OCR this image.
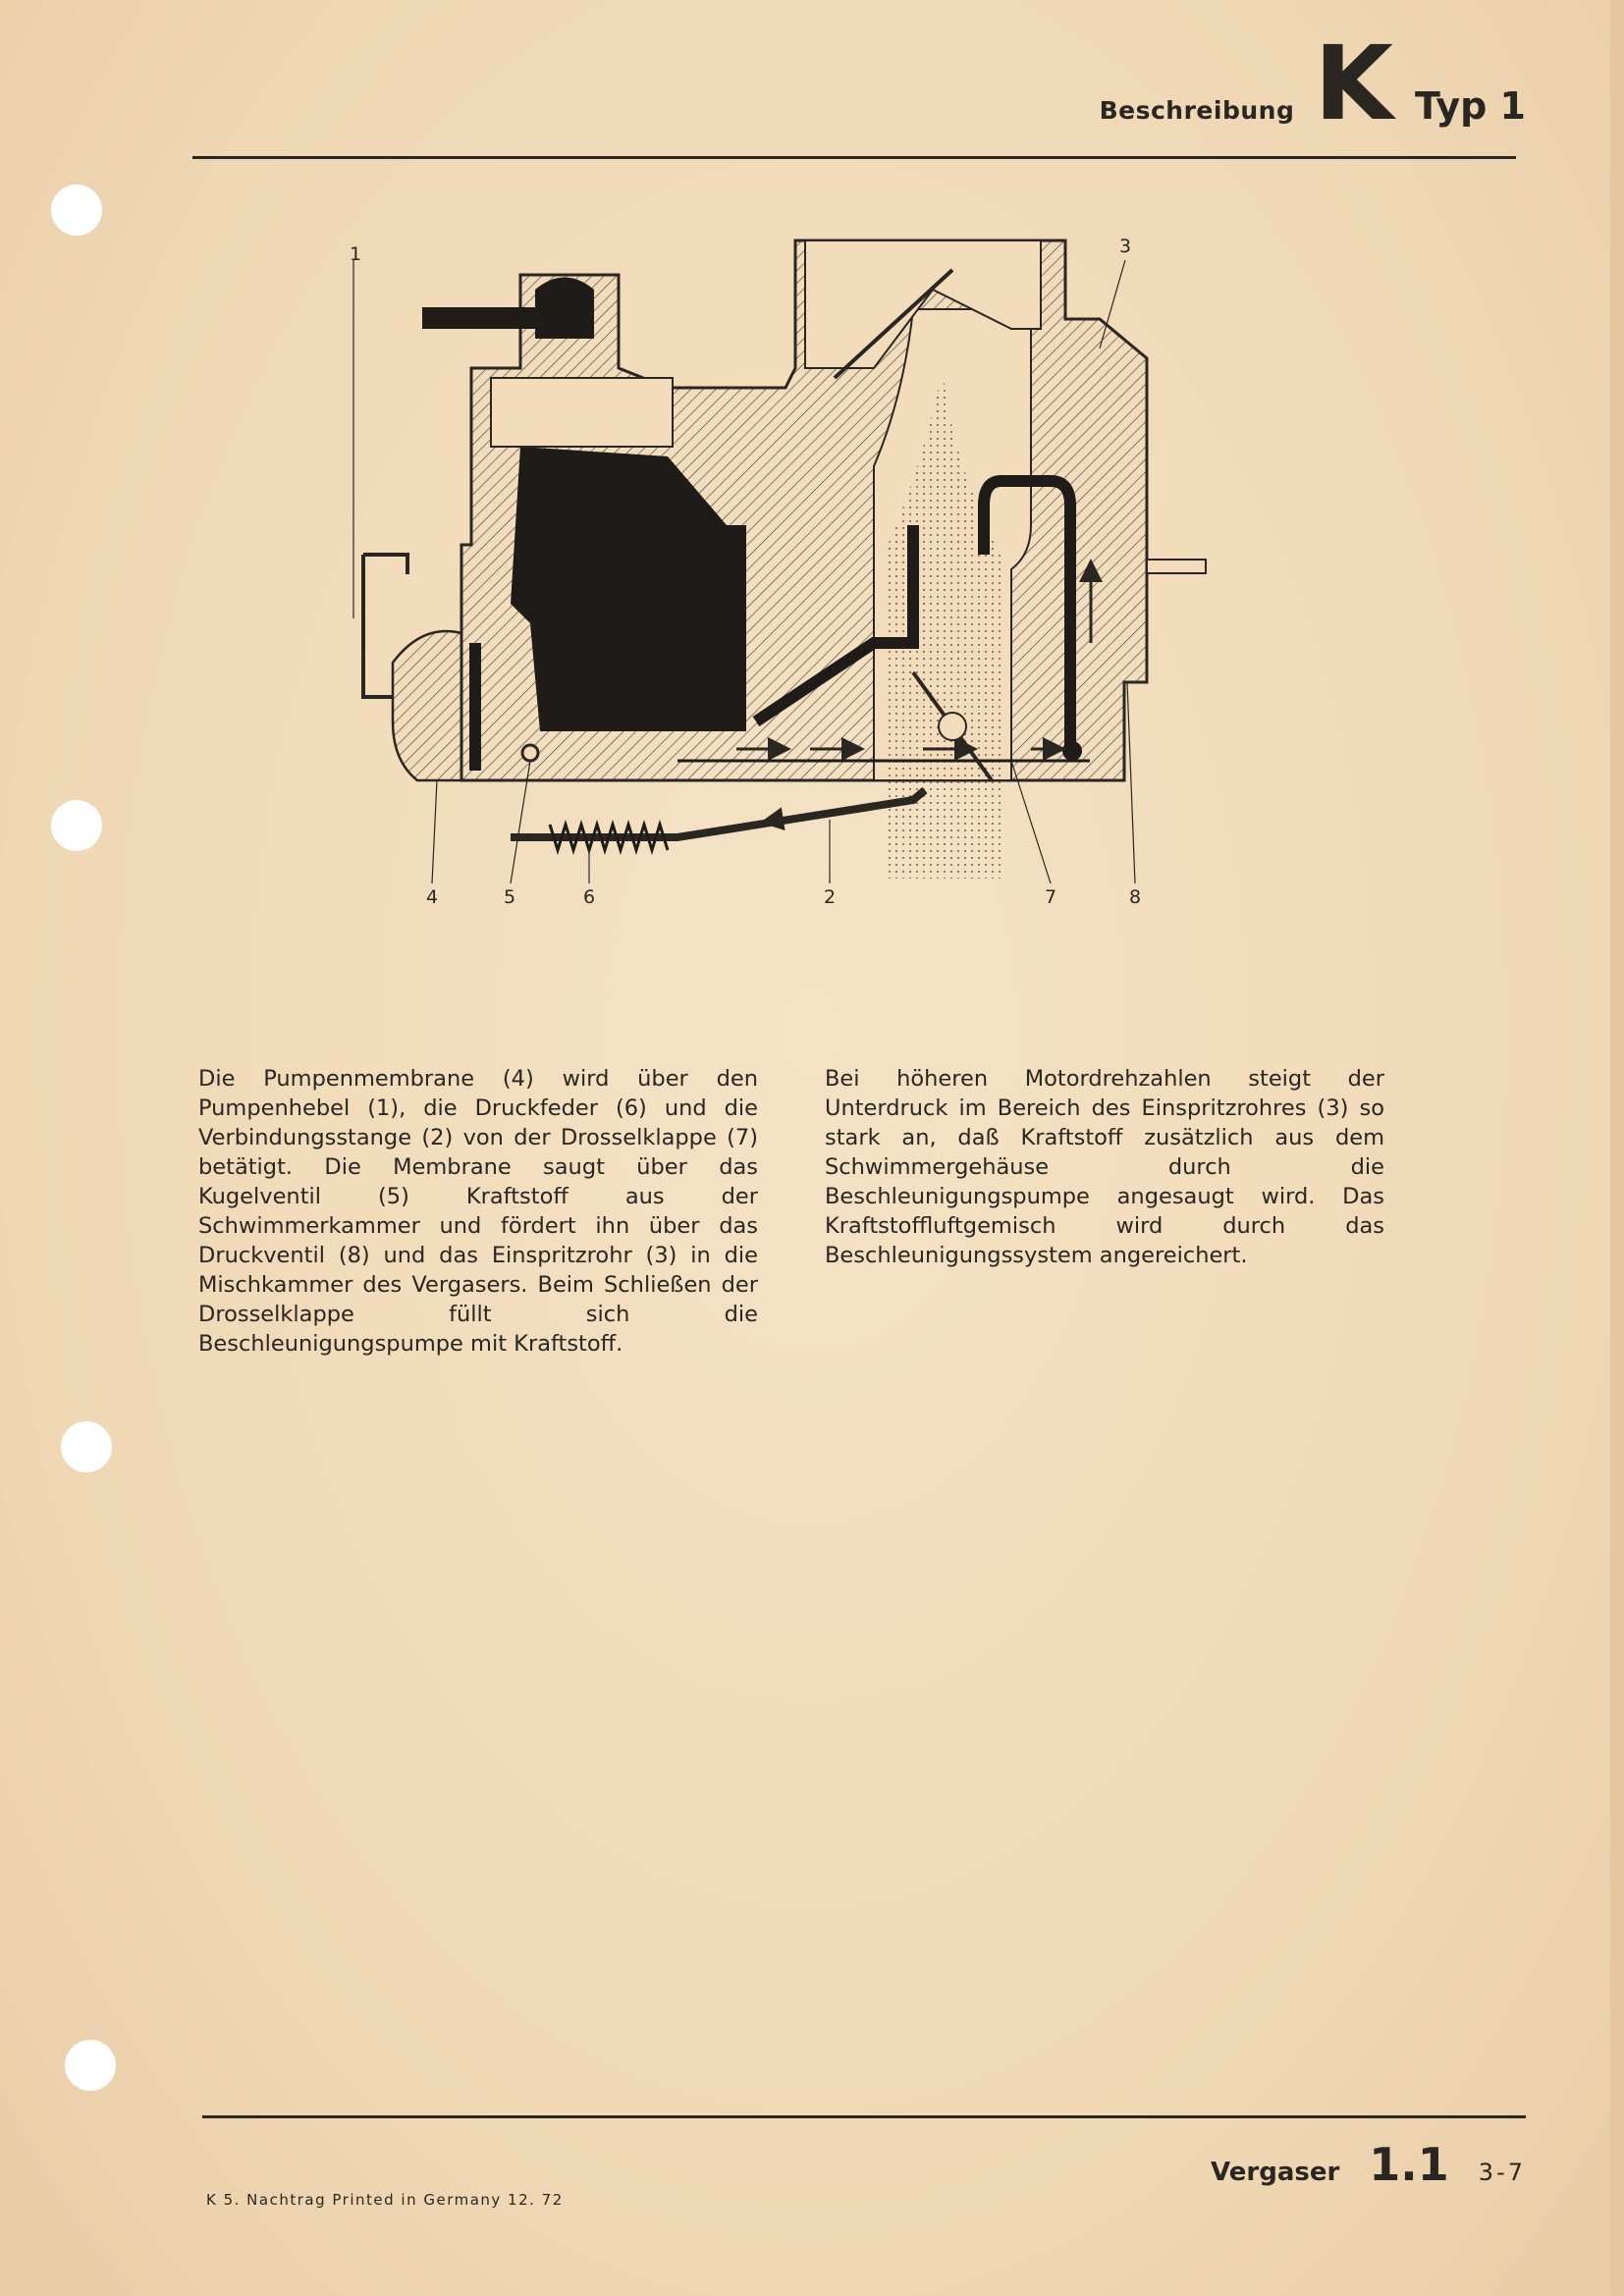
Beschreibung K Typ 1
1	3
4	5	6	2	7	8
Die Pumpenmembrane (4) wird über den Pumpenhebel (1), die Druckfeder (6) und die Verbindungsstange (2) von der Drosselklappe (7) betätigt. Die Membrane saugt über das Kugelventil (5) Kraftstoff aus der Schwimmerkammer und fördert ihn über das Druckventil (8) und das Einspritzrohr (3) in die Mischkammer des Vergasers. Beim Schließen der Drosselklappe füllt sich die Beschleunigungspumpe mit Kraftstoff.
Bei höheren Motordrehzahlen steigt der Unterdruck im Bereich des Einspritzrohres (3) so stark an, daß Kraftstoff zusätzlich aus dem Schwimmergehäuse durch die Beschleunigungspumpe angesaugt wird. Das Kraftstoffluftgemisch wird durch das Beschleunigungssystem angereichert.
K 5. Nachtrag Printed in Germany 12. 72
Vergaser 1.1 3-7
